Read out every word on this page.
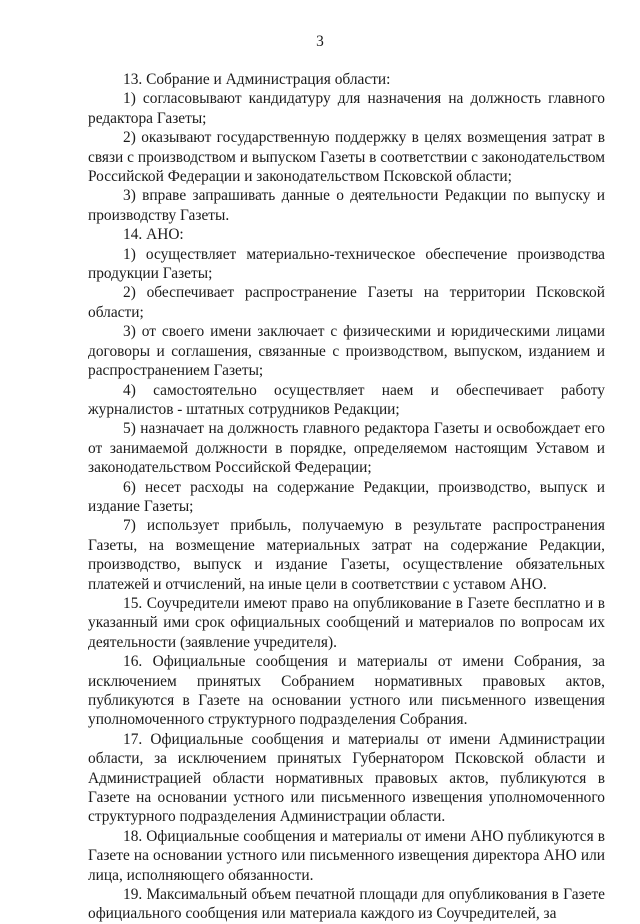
3

13. Собрание и Администрация области:

1) согласовывают кандидатуру для назначения на должность главного редактора Газеты;

2) оказывают государственную поддержку в целях возмещения затрат в связи с производством и выпуском Газеты в соответствии с законодательством Российской Федерации и законодательством Псковской области;

3) вправе запрашивать данные о деятельности Редакции по выпуску и производству Газеты.

14. АНО:

1) осуществляет материально-техническое обеспечение производства продукции Газеты;

2) обеспечивает распространение Газеты на территории Псковской области;

3) от своего имени заключает с физическими и юридическими лицами договоры и соглашения, связанные с производством, выпуском, изданием и распространением Газеты;

4) самостоятельно осуществляет наем и обеспечивает работу журналистов - штатных сотрудников Редакции;

5) назначает на должность главного редактора Газеты и освобождает его от занимаемой должности в порядке, определяемом настоящим Уставом и законодательством Российской Федерации;

6) несет расходы на содержание Редакции, производство, выпуск и издание Газеты;

7) использует прибыль, получаемую в результате распространения Газеты, на возмещение материальных затрат на содержание Редакции, производство, выпуск и издание Газеты, осуществление обязательных платежей и отчислений, на иные цели в соответствии с уставом АНО.

15. Соучредители имеют право на опубликование в Газете бесплатно и в указанный ими срок официальных сообщений и материалов по вопросам их деятельности (заявление учредителя).

16. Официальные сообщения и материалы от имени Собрания, за исключением принятых Собранием нормативных правовых актов, публикуются в Газете на основании устного или письменного извещения уполномоченного структурного подразделения Собрания.

17. Официальные сообщения и материалы от имени Администрации области, за исключением принятых Губернатором Псковской области и Администрацией области нормативных правовых актов, публикуются в Газете на основании устного или письменного извещения уполномоченного структурного подразделения Администрации области.

18. Официальные сообщения и материалы от имени АНО публикуются в Газете на основании устного или письменного извещения директора АНО или лица, исполняющего обязанности.

19. Максимальный объем печатной площади для опубликования в Газете официального сообщения или материала каждого из Соучредителей, за
